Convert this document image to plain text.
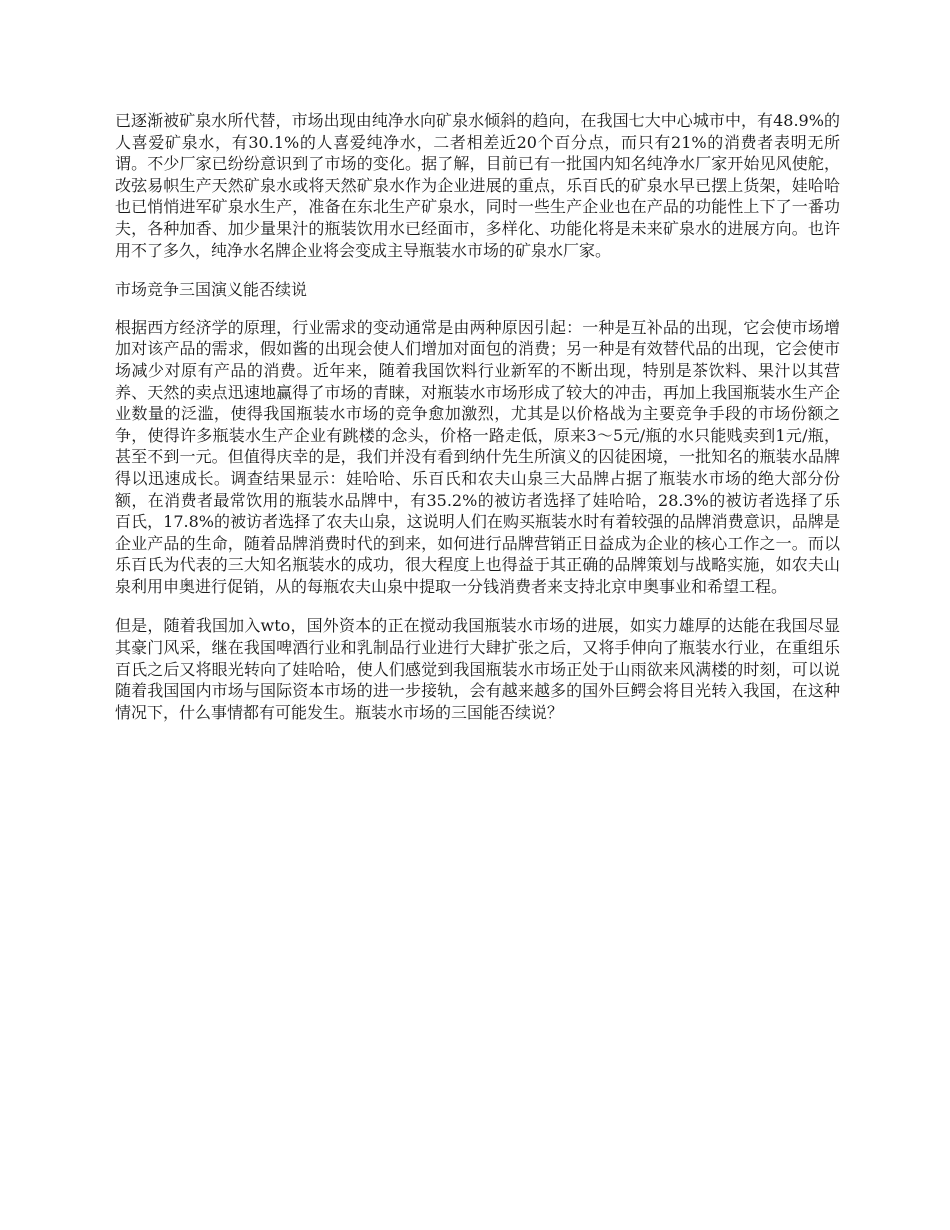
已逐渐被矿泉水所代替，市场出现由纯净水向矿泉水倾斜的趋向，在我国七大中心城市中，有48.9%的人喜爱矿泉水，有30.1%的人喜爱纯净水，二者相差近20个百分点，而只有21%的消费者表明无所谓。不少厂家已纷纷意识到了市场的变化。据了解，目前已有一批国内知名纯净水厂家开始见风使舵，改弦易帜生产天然矿泉水或将天然矿泉水作为企业进展的重点，乐百氏的矿泉水早已摆上货架，娃哈哈也已悄悄进军矿泉水生产，准备在东北生产矿泉水，同时一些生产企业也在产品的功能性上下了一番功夫，各种加香、加少量果汁的瓶装饮用水已经面市，多样化、功能化将是未来矿泉水的进展方向。也许用不了多久，纯净水名牌企业将会变成主导瓶装水市场的矿泉水厂家。

市场竞争三国演义能否续说

根据西方经济学的原理，行业需求的变动通常是由两种原因引起：一种是互补品的出现，它会使市场增加对该产品的需求，假如酱的出现会使人们增加对面包的消费；另一种是有效替代品的出现，它会使市场减少对原有产品的消费。近年来，随着我国饮料行业新军的不断出现，特别是茶饮料、果汁以其营养、天然的卖点迅速地赢得了市场的青睐，对瓶装水市场形成了较大的冲击，再加上我国瓶装水生产企业数量的泛滥，使得我国瓶装水市场的竞争愈加激烈，尤其是以价格战为主要竞争手段的市场份额之争，使得许多瓶装水生产企业有跳楼的念头，价格一路走低，原来3～5元/瓶的水只能贱卖到1元/瓶，甚至不到一元。但值得庆幸的是，我们并没有看到纳什先生所演义的囚徒困境，一批知名的瓶装水品牌得以迅速成长。调查结果显示：娃哈哈、乐百氏和农夫山泉三大品牌占据了瓶装水市场的绝大部分份额，在消费者最常饮用的瓶装水品牌中，有35.2%的被访者选择了娃哈哈，28.3%的被访者选择了乐百氏，17.8%的被访者选择了农夫山泉，这说明人们在购买瓶装水时有着较强的品牌消费意识，品牌是企业产品的生命，随着品牌消费时代的到来，如何进行品牌营销正日益成为企业的核心工作之一。而以乐百氏为代表的三大知名瓶装水的成功，很大程度上也得益于其正确的品牌策划与战略实施，如农夫山泉利用申奥进行促销，从的每瓶农夫山泉中提取一分钱消费者来支持北京申奥事业和希望工程。

但是，随着我国加入wto，国外资本的正在搅动我国瓶装水市场的进展，如实力雄厚的达能在我国尽显其豪门风采，继在我国啤酒行业和乳制品行业进行大肆扩张之后，又将手伸向了瓶装水行业，在重组乐百氏之后又将眼光转向了娃哈哈，使人们感觉到我国瓶装水市场正处于山雨欲来风满楼的时刻，可以说随着我国国内市场与国际资本市场的进一步接轨，会有越来越多的国外巨鳄会将目光转入我国，在这种情况下，什么事情都有可能发生。瓶装水市场的三国能否续说？
